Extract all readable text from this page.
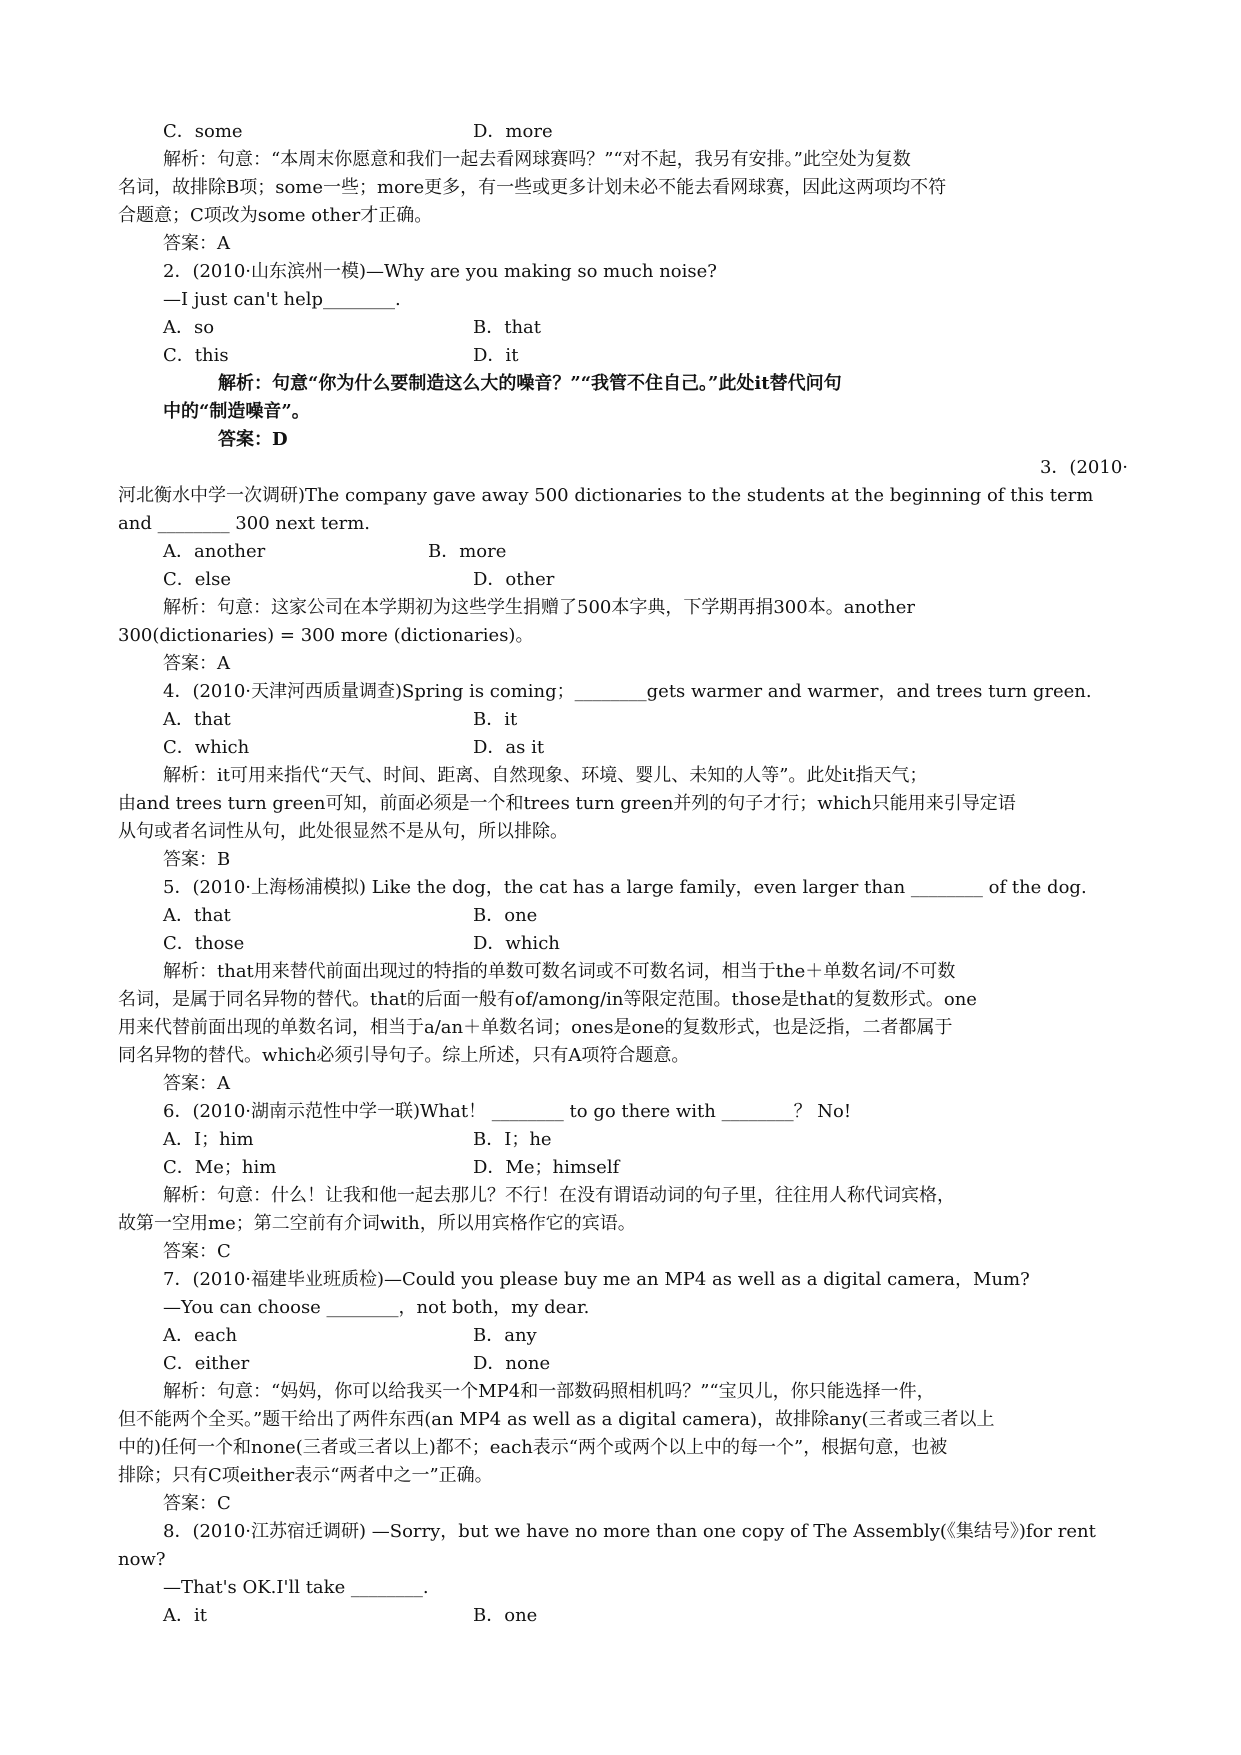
C．some	D．more
解析：句意：“本周末你愿意和我们一起去看网球赛吗？”“对不起，我另有安排。”此空处为复数
名词，故排除B项；some一些；more更多，有一些或更多计划未必不能去看网球赛，因此这两项均不符
合题意；C项改为some other才正确。
答案：A
2．(2010·山东滨州一模)—Why are you making so much noise?
—I just can't help________.
A．so	B．that
C．this	D．it
解析：句意“你为什么要制造这么大的噪音？”“我管不住自己。”此处it替代问句
中的“制造噪音”。
答案：D
3．(2010·
河北衡水中学一次调研)The company gave away 500 dictionaries to the students at the beginning of this term
and ________ 300 next term.
A．another	B．more
C．else	D．other
解析：句意：这家公司在本学期初为这些学生捐赠了500本字典，下学期再捐300本。another
300(dictionaries) = 300 more (dictionaries)。
答案：A
4．(2010·天津河西质量调查)Spring is coming；________gets warmer and warmer，and trees turn green.
A．that	B．it
C．which	D．as it
解析：it可用来指代“天气、时间、距离、自然现象、环境、婴儿、未知的人等”。此处it指天气；
由and trees turn green可知，前面必须是一个和trees turn green并列的句子才行；which只能用来引导定语
从句或者名词性从句，此处很显然不是从句，所以排除。
答案：B
5．(2010·上海杨浦模拟) Like the dog，the cat has a large family，even larger than ________ of the dog.
A．that	B．one
C．those	D．which
解析：that用来替代前面出现过的特指的单数可数名词或不可数名词，相当于the＋单数名词/不可数
名词，是属于同名异物的替代。that的后面一般有of/among/in等限定范围。those是that的复数形式。one
用来代替前面出现的单数名词，相当于a/an＋单数名词；ones是one的复数形式，也是泛指，二者都属于
同名异物的替代。which必须引导句子。综上所述，只有A项符合题意。
答案：A
6．(2010·湖南示范性中学一联)What！ ________ to go there with ________？ No!
A．I；him	B．I；he
C．Me；him	D．Me；himself
解析：句意：什么！让我和他一起去那儿？不行！在没有谓语动词的句子里，往往用人称代词宾格，
故第一空用me；第二空前有介词with，所以用宾格作它的宾语。
答案：C
7．(2010·福建毕业班质检)—Could you please buy me an MP4 as well as a digital camera，Mum?
—You can choose ________，not both，my dear.
A．each	B．any
C．either	D．none
解析：句意：“妈妈，你可以给我买一个MP4和一部数码照相机吗？”“宝贝儿，你只能选择一件，
但不能两个全买。”题干给出了两件东西(an MP4 as well as a digital camera)，故排除any(三者或三者以上
中的)任何一个和none(三者或三者以上)都不；each表示“两个或两个以上中的每一个”，根据句意，也被
排除；只有C项either表示“两者中之一”正确。
答案：C
8．(2010·江苏宿迁调研) —Sorry，but we have no more than one copy of The Assembly(《集结号》)for rent
now?
—That's OK.I'll take ________.
A．it	B．one
